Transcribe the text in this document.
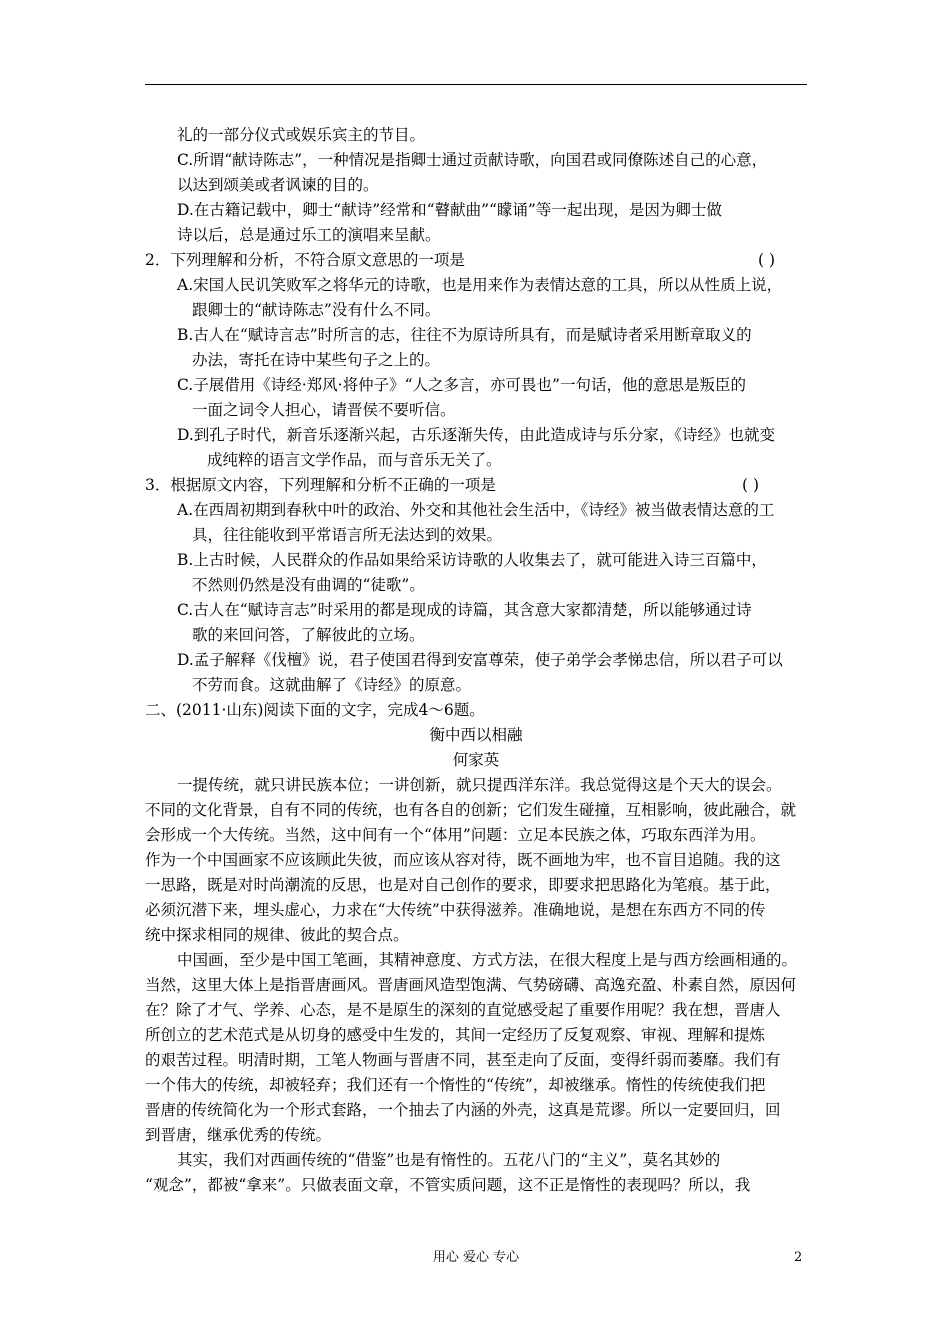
礼的一部分仪式或娱乐宾主的节目。
C.所谓“献诗陈志”，一种情况是指卿士通过贡献诗歌，向国君或同僚陈述自己的心意，
以达到颂美或者讽谏的目的。
D.在古籍记载中，卿士“献诗”经常和“瞽献曲”“矇诵”等一起出现，是因为卿士做
诗以后，总是通过乐工的演唱来呈献。
2．下列理解和分析，不符合原文意思的一项是	( )
A.宋国人民讥笑败军之将华元的诗歌，也是用来作为表情达意的工具，所以从性质上说，
跟卿士的“献诗陈志”没有什么不同。
B.古人在“赋诗言志”时所言的志，往往不为原诗所具有，而是赋诗者采用断章取义的
办法，寄托在诗中某些句子之上的。
C.子展借用《诗经·郑风·将仲子》“人之多言，亦可畏也”一句话，他的意思是叛臣的
一面之词令人担心，请晋侯不要听信。
D.到孔子时代，新音乐逐渐兴起，古乐逐渐失传，由此造成诗与乐分家，《诗经》也就变
成纯粹的语言文学作品，而与音乐无关了。
3．根据原文内容，下列理解和分析不正确的一项是	( )
A.在西周初期到春秋中叶的政治、外交和其他社会生活中，《诗经》被当做表情达意的工
具，往往能收到平常语言所无法达到的效果。
B.上古时候，人民群众的作品如果给采访诗歌的人收集去了，就可能进入诗三百篇中，
不然则仍然是没有曲调的“徒歌”。
C.古人在“赋诗言志”时采用的都是现成的诗篇，其含意大家都清楚，所以能够通过诗
歌的来回问答，了解彼此的立场。
D.孟子解释《伐檀》说，君子使国君得到安富尊荣，使子弟学会孝悌忠信，所以君子可以
不劳而食。这就曲解了《诗经》的原意。
二、(2011·山东)阅读下面的文字，完成4～6题。
衡中西以相融
何家英
一提传统，就只讲民族本位；一讲创新，就只提西洋东洋。我总觉得这是个天大的误会。
不同的文化背景，自有不同的传统，也有各自的创新；它们发生碰撞，互相影响，彼此融合，就
会形成一个大传统。当然，这中间有一个“体用”问题：立足本民族之体，巧取东西洋为用。
作为一个中国画家不应该顾此失彼，而应该从容对待，既不画地为牢，也不盲目追随。我的这
一思路，既是对时尚潮流的反思，也是对自己创作的要求，即要求把思路化为笔痕。基于此，
必须沉潜下来，埋头虚心，力求在“大传统”中获得滋养。准确地说，是想在东西方不同的传
统中探求相同的规律、彼此的契合点。
中国画，至少是中国工笔画，其精神意度、方式方法，在很大程度上是与西方绘画相通的。
当然，这里大体上是指晋唐画风。晋唐画风造型饱满、气势磅礴、高逸充盈、朴素自然，原因何
在？除了才气、学养、心态，是不是原生的深刻的直觉感受起了重要作用呢？我在想，晋唐人
所创立的艺术范式是从切身的感受中生发的，其间一定经历了反复观察、审视、理解和提炼
的艰苦过程。明清时期，工笔人物画与晋唐不同，甚至走向了反面，变得纤弱而萎靡。我们有
一个伟大的传统，却被轻弃；我们还有一个惰性的“传统”，却被继承。惰性的传统使我们把
晋唐的传统简化为一个形式套路，一个抽去了内涵的外壳，这真是荒谬。所以一定要回归，回
到晋唐，继承优秀的传统。
其实，我们对西画传统的“借鉴”也是有惰性的。五花八门的“主义”，莫名其妙的
“观念”，都被“拿来”。只做表面文章，不管实质问题，这不正是惰性的表现吗？所以，我
用心 爱心 专心	2
